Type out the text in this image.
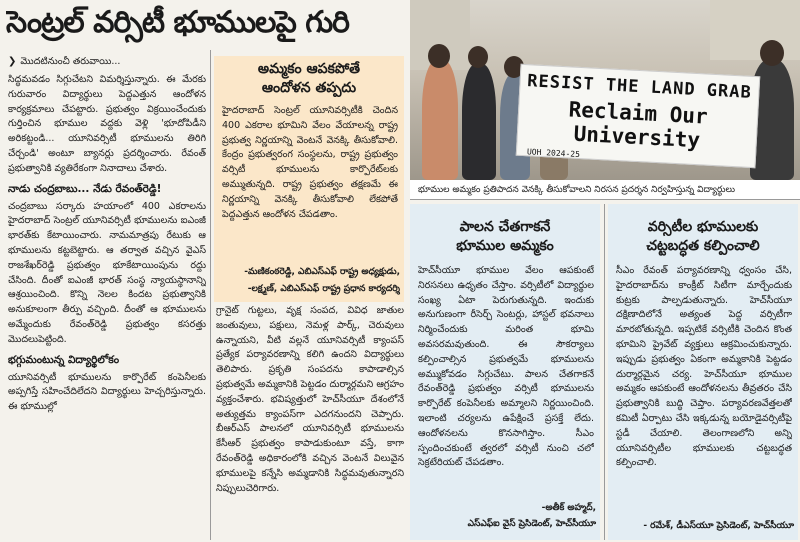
సెంట్రల్ వర్సిటీ భూములపై గురి
❯ మొదటినుంచీ తరువాయి...

సిద్ధమవడం సిగ్గుచేటని విమర్శిస్తున్నారు. ఈ మేరకు గురువారం విద్యార్థులు పెద్దఎత్తున ఆందోళన కార్యక్రమాలు చేపట్టారు. ప్రభుత్వం విక్రయించేందుకు గుర్తించిన భూముల వద్దకు వెళ్లి 'భూదోపిడీని అరికట్టండి... యూనివర్సిటీ భూములను తిరిగి చేర్చండి' అంటూ బ్యానర్లు ప్రదర్శించారు. రేవంత్ ప్రభుత్వానికి వ్యతిరేకంగా నినాదాలు చేశారు.

నాడు చంద్రబాబు... నేడు రేవంత్‌రెడ్డి!

చంద్రబాబు సర్కారు హయాంలో 400 ఎకరాలను హైదరాబాద్ సెంట్రల్ యూనివర్సిటీ భూములను ఐఎంజీ భారత్‌కు కేటాయించారు. నామమాత్రపు రేటుకు ఆ భూములను కట్టబెట్టారు. ఆ తర్వాత వచ్చిన వైఎస్ రాజశేఖర్‌రెడ్డి ప్రభుత్వం భూకేటాయింపును రద్దు చేసింది. దీంతో ఐఎంజీ భారత్ సంస్థ న్యాయస్థానాన్ని ఆశ్రయించింది. కొన్ని నెలల కిందట ప్రభుత్వానికి అనుకూలంగా తీర్పు వచ్చింది. దీంతో ఆ భూములను అమ్మేందుకు రేవంత్‌రెడ్డి ప్రభుత్వం కసరత్తు మొదలుపెట్టింది.

భగ్గుమంటున్న విద్యార్థిలోకం

యూనివర్సిటీ భూములను కార్పొరేట్ కంపెనీలకు అప్పగిస్తే సహించేదిలేదని విద్యార్థులు హెచ్చరిస్తున్నారు. ఈ భూముల్లో

అమ్మకం ఆపకపోతే
ఆందోళన తప్పదు
హైదరాబాద్ సెంట్రల్ యూనివర్సిటీకి చెందిన 400 ఎకరాల భూమిని వేలం వేయాలన్న రాష్ట్ర ప్రభుత్వ నిర్ణయాన్ని వెంటనే వెనక్కి తీసుకోవాలి. కేంద్రం ప్రభుత్వరంగ సంస్థలను, రాష్ట్ర ప్రభుత్వం వర్సిటీ భూములను కార్పొరేట్‌లకు అమ్ముతున్నది. రాష్ట్ర ప్రభుత్వం తక్షణమే ఈ నిర్ణయాన్ని వెనక్కి తీసుకోవాలి లేకపోతే పెద్దఎత్తున ఆందోళన చేపడతాం.
-మణికంఠరెడ్డి, ఎబిఎస్ఎఫ్ రాష్ట్ర అధ్యక్షుడు,
-లక్ష్మణ్, ఎబిఎస్ఎఫ్ రాష్ట్ర ప్రధాన కార్యదర్శి
గ్రానైట్ గుట్టలు, వృక్ష సంపద, వివిధ జాతుల జంతువులు, పక్షులు, నెమళ్ల పార్క్, చెరువులు ఉన్నాయని, వీటి వల్లనే యూనివర్సిటీ క్యాంపస్ ప్రత్యేక పర్యావరణాన్ని కలిగి ఉందని విద్యార్థులు తెలిపారు. ప్రకృతి సంపదను కాపాడాల్సిన ప్రభుత్వమే అమ్మకానికి పెట్టడం దుర్మార్గమని ఆగ్రహం వ్యక్తంచేశారు. భవిష్యత్తులో హెచ్‌సీయూ దేశంలోనే అత్యుత్తమ క్యాంపస్‌గా ఎదగనుందని చెప్పారు. బీఆర్ఎస్ పాలనలో యూనివర్సిటీ భూములను కేసీఆర్ ప్రభుత్వం కాపాడుకుంటూ వస్తే, కాగా రేవంత్‌రెడ్డి అధికారంలోకి వచ్చిన వెంటనే విలువైన భూములపై కన్నేసి అమ్మడానికి సిద్ధమవుతున్నారని నిప్పులుచెరిగారు.
RESIST THE LAND GRAB
Reclaim Our University
UOH 2024-25
భూముల అమ్మకం ప్రతిపాదన వెనక్కి తీసుకోవాలని నిరసన ప్రదర్శన నిర్వహిస్తున్న విద్యార్థులు
పాలన చేతగాకనే
భూముల అమ్మకం
హెచ్‌సీయూ భూముల వేలం ఆపకుంటే నిరసనలు ఉధృతం చేస్తాం. వర్సిటీలో విద్యార్థుల సంఖ్య ఏటా పెరుగుతున్నది. ఇందుకు అనుగుణంగా రీసెర్చ్ సెంటర్లు, హాస్టల్ భవనాలు నిర్మించేందుకు మరింత భూమి అవసరమవుతుంది. ఈ సౌకర్యాలు కల్పించాల్సిన ప్రభుత్వమే భూములను అమ్ముకోవడం సిగ్గుచేటు. పాలన చేతగాకనే రేవంత్‌రెడ్డి ప్రభుత్వం వర్సిటీ భూములను కార్పొరేట్ కంపెనీలకు అమ్మాలని నిర్ణయించింది. ఇలాంటి చర్యలను ఉపేక్షించే ప్రసక్తే లేదు. ఆందోళనలను కొనసాగిస్తాం. సీఎం స్పందించకుంటే త్వరలో వర్సిటీ నుంచి చలో సెక్రటేరియట్ చేపడతాం.
-అతీక్ అహ్మద్,
ఎస్ఎఫ్ఐ వైస్ ప్రెసిడెంట్, హెచ్‌సీయూ
వర్సిటీల భూములకు
చట్టబద్ధత కల్పించాలి
సీఎం రేవంత్ పర్యావరణాన్ని ధ్వంసం చేసి, హైదరాబాద్‌ను కాంక్రీట్ సిటీగా మార్చేందుకు కుట్రకు పాల్పడుతున్నారు. హెచ్‌సీయూ దక్షిణాదిలోనే అత్యంత పెద్ద వర్సిటీగా మారబోతున్నది. ఇప్పటికే వర్సిటీకి చెందిన కొంత భూమిని ప్రైవేట్ వ్యక్తులు ఆక్రమించుకున్నారు. ఇప్పుడు ప్రభుత్వం ఏకంగా అమ్మకానికి పెట్టడం దుర్మార్గమైన చర్య. హెచ్‌సీయూ భూముల అమ్మకం ఆపకుంటే ఆందోళనలను తీవ్రతరం చేసి ప్రభుత్వానికి బుద్ధి చెప్తాం. పర్యావరణవేత్తలతో కమిటీ ఏర్పాటు చేసి ఇక్కడున్న బయోడైవర్సిటీపై స్టడీ చేయాలి. తెలంగాణలోని అన్ని యూనివర్సిటీల భూములకు చట్టబద్ధత కల్పించాలి.
- రమేశ్, డీఎస్‌యూ ప్రెసిడెంట్, హెచ్‌సీయూ
